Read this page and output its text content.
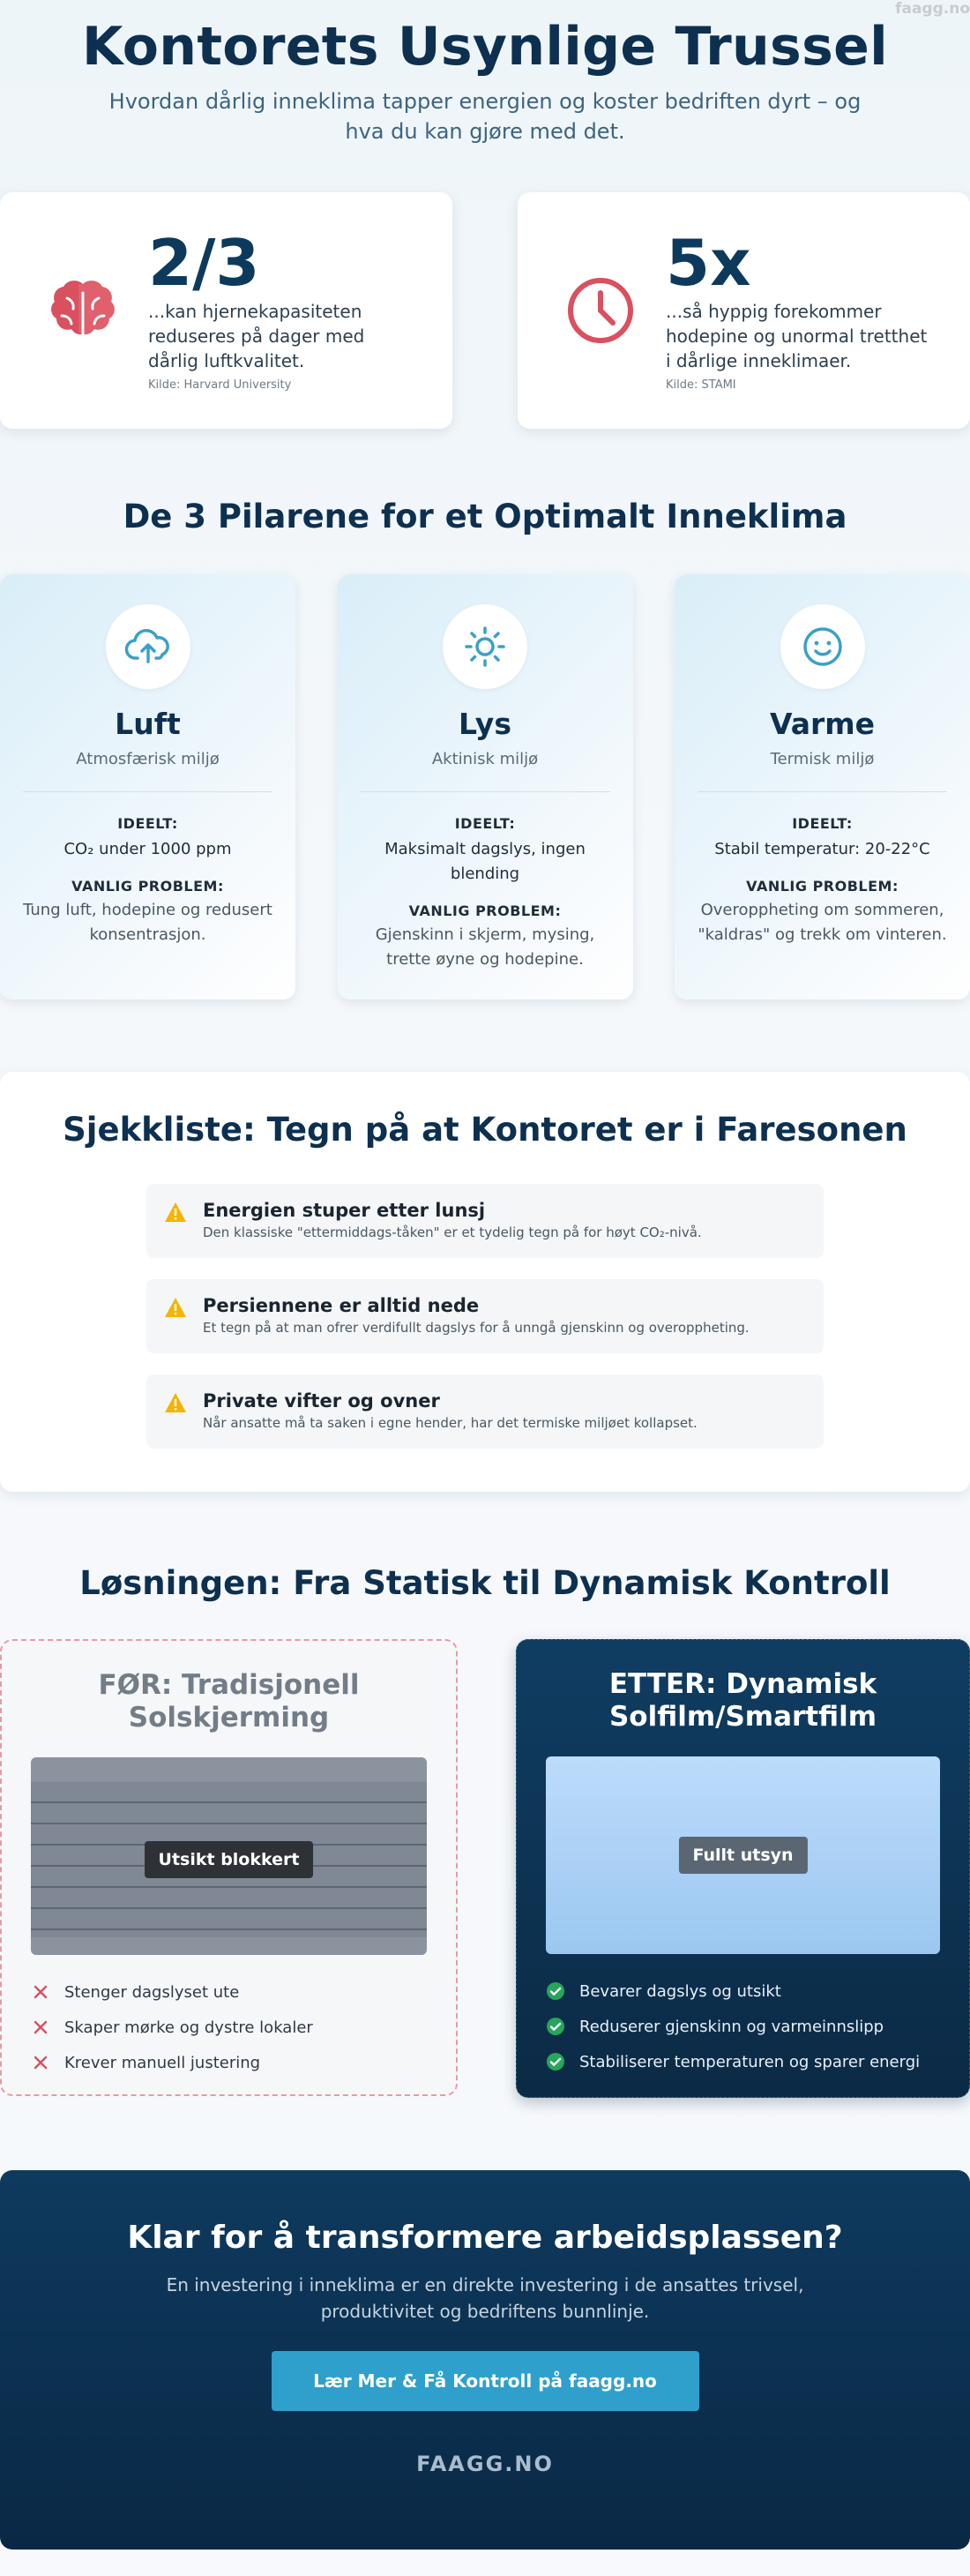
faagg.no
Kontorets Usynlige Trussel

Hvordan dårlig inneklima tapper energien og koster bedriften dyrt – og hva du kan gjøre med det.

2/3
...kan hjernekapasiteten reduseres på dager med dårlig luftkvalitet.
Kilde: Harvard University
5x
...så hyppig forekommer hodepine og unormal tretthet i dårlige inneklimaer.
Kilde: STAMI
De 3 Pilarene for et Optimalt Inneklima
Luft
Atmosfærisk miljø
IDEELT:
CO₂ under 1000 ppm
VANLIG PROBLEM:
Tung luft, hodepine og redusert konsentrasjon.
Lys
Aktinisk miljø
IDEELT:
Maksimalt dagslys, ingen blending
VANLIG PROBLEM:
Gjenskinn i skjerm, mysing, trette øyne og hodepine.
Varme
Termisk miljø
IDEELT:
Stabil temperatur: 20-22°C
VANLIG PROBLEM:
Overoppheting om sommeren, "kaldras" og trekk om vinteren.
Sjekkliste: Tegn på at Kontoret er i Faresonen
Energien stuper etter lunsj
Den klassiske "ettermiddags-tåken" er et tydelig tegn på for høyt CO₂-nivå.
Persiennene er alltid nede
Et tegn på at man ofrer verdifullt dagslys for å unngå gjenskinn og overoppheting.
Private vifter og ovner
Når ansatte må ta saken i egne hender, har det termiske miljøet kollapset.
Løsningen: Fra Statisk til Dynamisk Kontroll
FØR: Tradisjonell Solskjerming
Utsikt blokkert
Stenger dagslyset ute
Skaper mørke og dystre lokaler
Krever manuell justering
ETTER: Dynamisk Solfilm/Smartfilm
Fullt utsyn
Bevarer dagslys og utsikt
Reduserer gjenskinn og varmeinnslipp
Stabiliserer temperaturen og sparer energi
Klar for å transformere arbeidsplassen?

En investering i inneklima er en direkte investering i de ansattes trivsel, produktivitet og bedriftens bunnlinje.

Lær Mer & Få Kontroll på faagg.no
FAAGG.NO
